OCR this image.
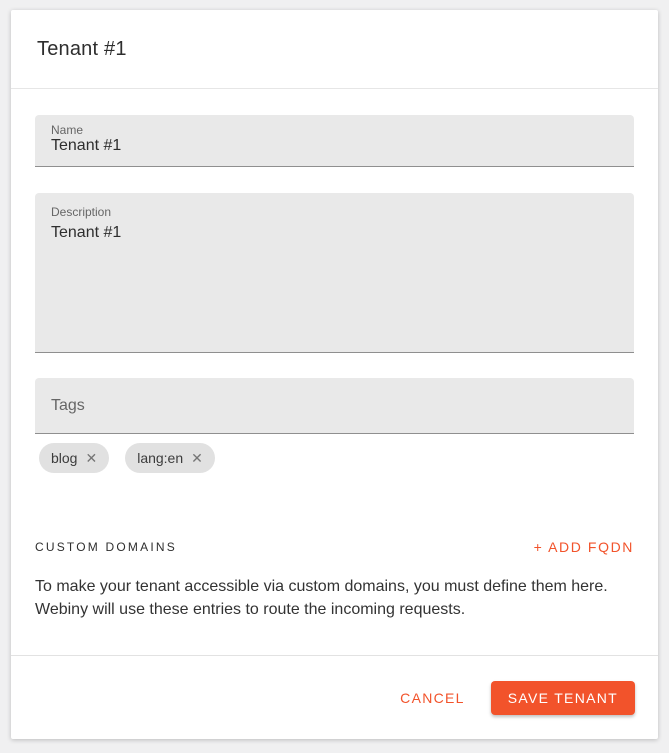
Tenant #1
Name
Tenant #1
Description
Tenant #1
Tags
blog ✕	lang:en ✕
CUSTOM DOMAINS	+ ADD FQDN

To make your tenant accessible via custom domains, you must define them here. Webiny will use these entries to route the incoming requests.

CANCEL	SAVE TENANT
